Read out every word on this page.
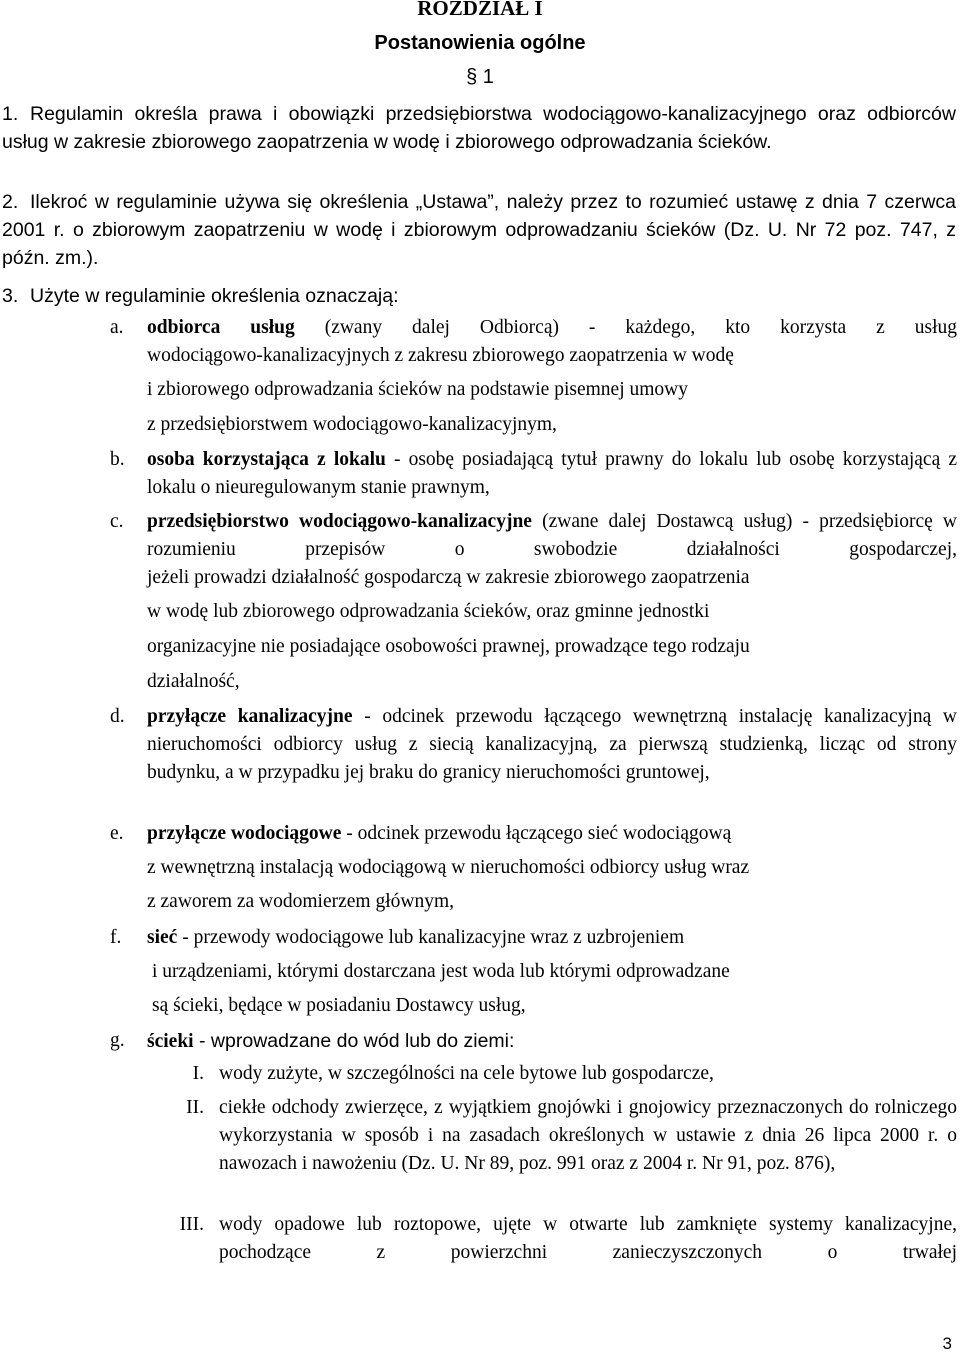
ROZDZIAŁ I
Postanowienia ogólne
§ 1
1. Regulamin określa prawa i obowiązki przedsiębiorstwa wodociągowo-kanalizacyjnego oraz odbiorców usług w zakresie zbiorowego zaopatrzenia w wodę i zbiorowego odprowadzania ścieków.
2. Ilekroć w regulaminie używa się określenia „Ustawa”, należy przez to rozumieć ustawę z dnia 7 czerwca 2001 r. o zbiorowym zaopatrzeniu w wodę i zbiorowym odprowadzaniu ścieków (Dz. U. Nr 72 poz. 747, z późn. zm.).
3. Użyte w regulaminie określenia oznaczają:
a. odbiorca usług (zwany dalej Odbiorcą) - każdego, kto korzysta z usług
wodociągowo-kanalizacyjnych z zakresu zbiorowego zaopatrzenia w wodę
i zbiorowego odprowadzania ścieków na podstawie pisemnej umowy
z przedsiębiorstwem wodociągowo-kanalizacyjnym,
b. osoba korzystająca z lokalu - osobę posiadającą tytuł prawny do lokalu lub osobę korzystającą z lokalu o nieuregulowanym stanie prawnym,
c. przedsiębiorstwo wodociągowo-kanalizacyjne (zwane dalej Dostawcą usług) - przedsiębiorcę w rozumieniu przepisów o swobodzie działalności gospodarczej,
jeżeli prowadzi działalność gospodarczą w zakresie zbiorowego zaopatrzenia
w wodę lub zbiorowego odprowadzania ścieków, oraz gminne jednostki
organizacyjne nie posiadające osobowości prawnej, prowadzące tego rodzaju
działalność,
d. przyłącze kanalizacyjne - odcinek przewodu łączącego wewnętrzną instalację kanalizacyjną w nieruchomości odbiorcy usług z siecią kanalizacyjną, za pierwszą studzienką, licząc od strony budynku, a w przypadku jej braku do granicy nieruchomości gruntowej,
e. przyłącze wodociągowe - odcinek przewodu łączącego sieć wodociągową
z wewnętrzną instalacją wodociągową w nieruchomości odbiorcy usług wraz
z zaworem za wodomierzem głównym,
f. sieć - przewody wodociągowe lub kanalizacyjne wraz z uzbrojeniem
i urządzeniami, którymi dostarczana jest woda lub którymi odprowadzane
są ścieki, będące w posiadaniu Dostawcy usług,
g. ścieki - wprowadzane do wód lub do ziemi:
I. wody zużyte, w szczególności na cele bytowe lub gospodarcze,
II. ciekłe odchody zwierzęce, z wyjątkiem gnojówki i gnojowicy przeznaczonych do rolniczego wykorzystania w sposób i na zasadach określonych w ustawie z dnia 26 lipca 2000 r. o nawozach i nawożeniu (Dz. U. Nr 89, poz. 991 oraz z 2004 r. Nr 91, poz. 876),
III. wody opadowe lub roztopowe, ujęte w otwarte lub zamknięte systemy kanalizacyjne, pochodzące z powierzchni zanieczyszczonych o trwałej
3
